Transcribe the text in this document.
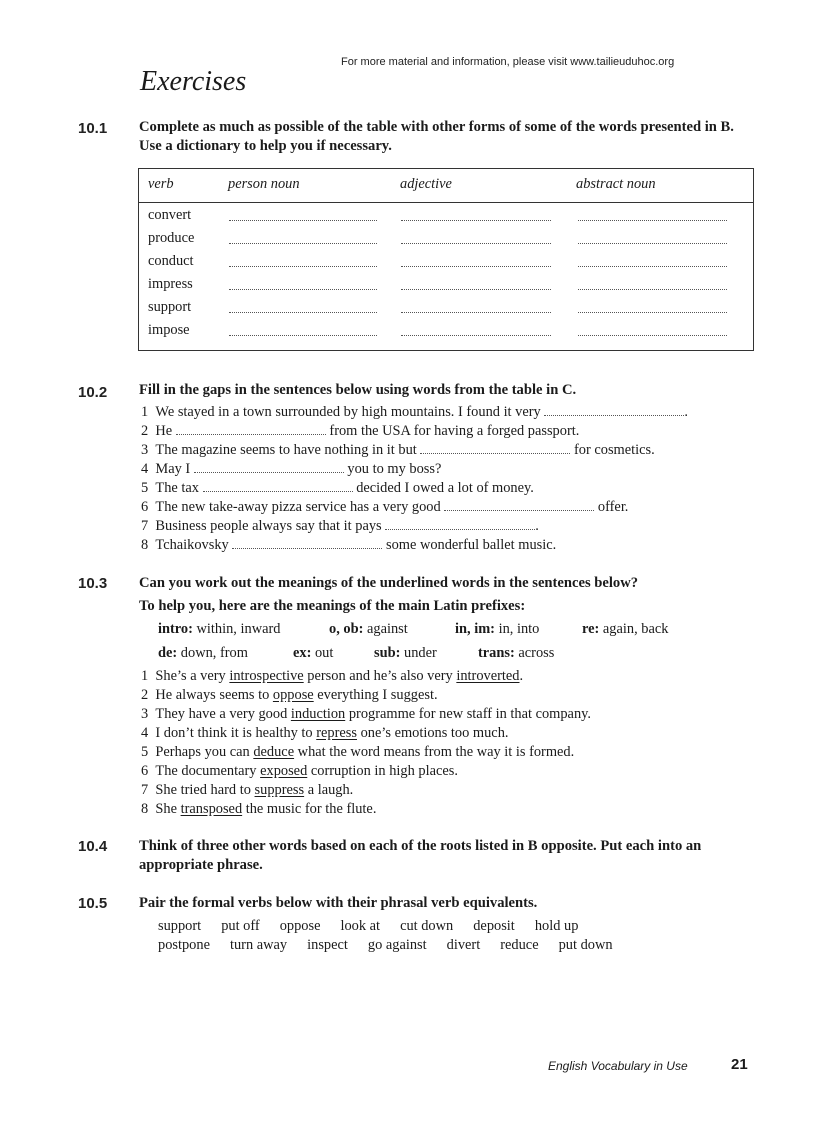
For more material and information, please visit www.tailieuduhoc.org
Exercises
10.1 Complete as much as possible of the table with other forms of some of the words presented in B. Use a dictionary to help you if necessary.
verb	person noun	adjective	abstract noun
convert
produce
conduct
impress
support
impose
10.2 Fill in the gaps in the sentences below using words from the table in C.
1 We stayed in a town surrounded by high mountains. I found it very	.
2 He	from the USA for having a forged passport.
3 The magazine seems to have nothing in it but	for cosmetics.
4 May I	you to my boss?
5 The tax	decided I owed a lot of money.
6 The new take-away pizza service has a very good	offer.
7 Business people always say that it pays	.
8 Tchaikovsky	some wonderful ballet music.
10.3 Can you work out the meanings of the underlined words in the sentences below?
To help you, here are the meanings of the main Latin prefixes:
intro: within, inward	o, ob: against	in, im: in, into	re: again, back
de: down, from	ex: out	sub: under	trans: across
1 She’s a very introspective person and he’s also very introverted.
2 He always seems to oppose everything I suggest.
3 They have a very good induction programme for new staff in that company.
4 I don’t think it is healthy to repress one’s emotions too much.
5 Perhaps you can deduce what the word means from the way it is formed.
6 The documentary exposed corruption in high places.
7 She tried hard to suppress a laugh.
8 She transposed the music for the flute.
10.4 Think of three other words based on each of the roots listed in B opposite. Put each into an appropriate phrase.
10.5 Pair the formal verbs below with their phrasal verb equivalents.
support put off oppose look at cut down deposit hold up
postpone turn away inspect go against divert reduce put down
English Vocabulary in Use	21
